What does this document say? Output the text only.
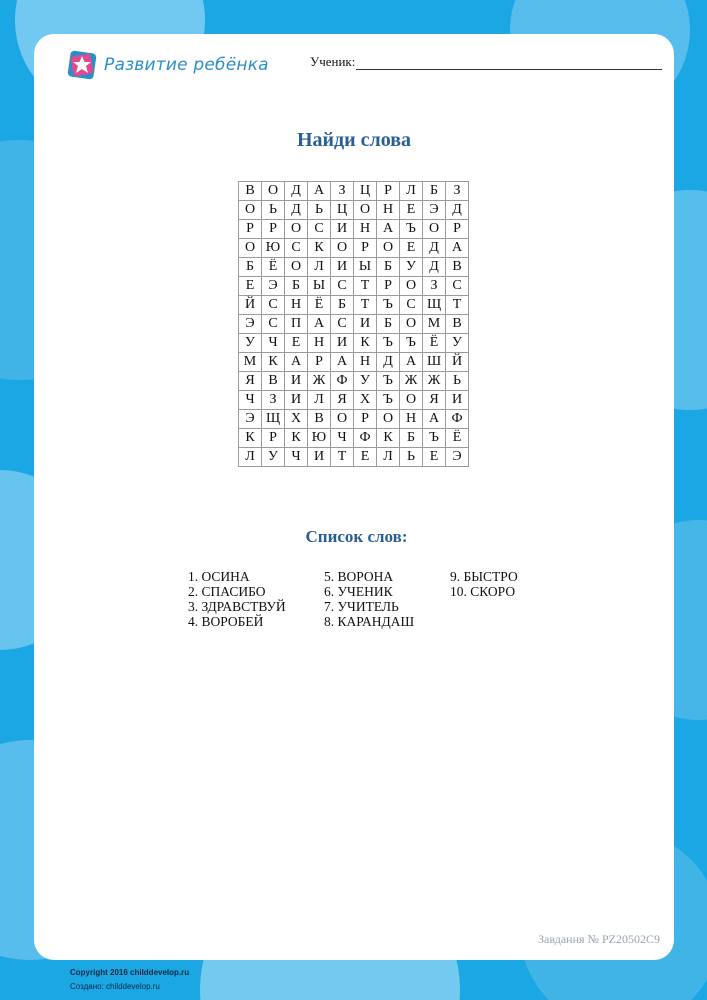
Развитие ребёнка	Ученик:
Найди слова
В	О	Д	А	З	Ц	Р	Л	Б	З
О	Ь	Д	Ь	Ц	О	Н	Е	Э	Д
Р	Р	О	С	И	Н	А	Ъ	О	Р
О	Ю	С	К	О	Р	О	Е	Д	А
Б	Ё	О	Л	И	Ы	Б	У	Д	В
Е	Э	Б	Ы	С	Т	Р	О	З	С
Й	С	Н	Ё	Б	Т	Ъ	С	Щ	Т
Э	С	П	А	С	И	Б	О	М	В
У	Ч	Е	Н	И	К	Ъ	Ъ	Ё	У
М	К	А	Р	А	Н	Д	А	Ш	Й
Я	В	И	Ж	Ф	У	Ъ	Ж	Ж	Ь
Ч	З	И	Л	Я	Х	Ъ	О	Я	И
Э	Щ	Х	В	О	Р	О	Н	А	Ф
К	Р	К	Ю	Ч	Ф	К	Б	Ъ	Ё
Л	У	Ч	И	Т	Е	Л	Ь	Е	Э
Список слов:
1. ОСИНА
2. СПАСИБО
3. ЗДРАВСТВУЙ
4. ВОРОБЕЙ
5. ВОРОНА
6. УЧЕНИК
7. УЧИТЕЛЬ
8. КАРАНДАШ
9. БЫСТРО
10. СКОРО
Завдання № PZ20502C9
Copyright 2016 childdevelop.ru
Создано: childdevelop.ru
